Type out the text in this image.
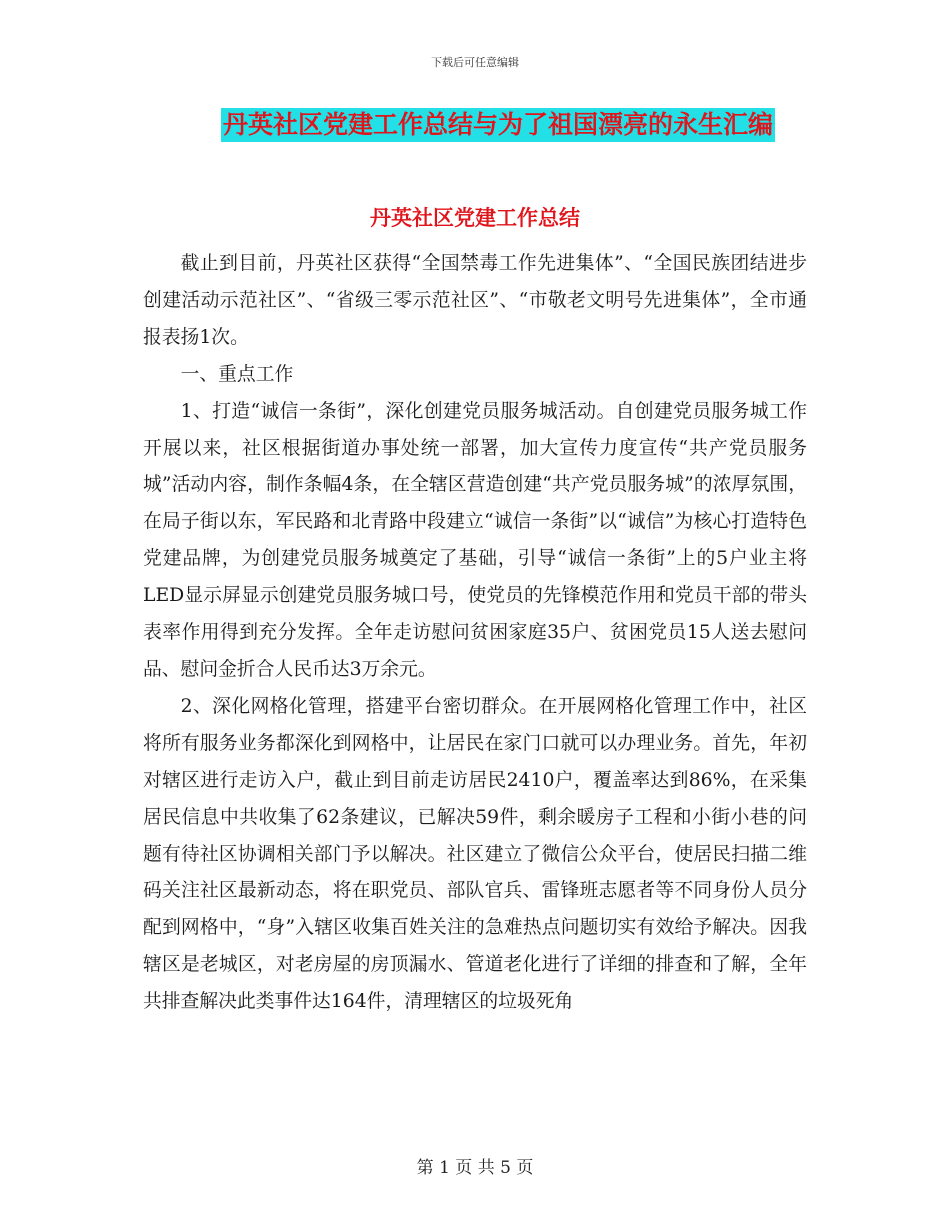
下载后可任意编辑
丹英社区党建工作总结与为了祖国漂亮的永生汇编
丹英社区党建工作总结

截止到目前，丹英社区获得“全国禁毒工作先进集体”、“全国民族团结进步创建活动示范社区”、“省级三零示范社区”、“市敬老文明号先进集体”，全市通报表扬1次。

一、重点工作

1、打造“诚信一条街”，深化创建党员服务城活动。自创建党员服务城工作开展以来，社区根据街道办事处统一部署，加大宣传力度宣传“共产党员服务城”活动内容，制作条幅4条，在全辖区营造创建“共产党员服务城”的浓厚氛围，在局子街以东，军民路和北青路中段建立“诚信一条街”以“诚信”为核心打造特色党建品牌，为创建党员服务城奠定了基础，引导“诚信一条街”上的5户业主将LED显示屏显示创建党员服务城口号，使党员的先锋模范作用和党员干部的带头表率作用得到充分发挥。全年走访慰问贫困家庭35户、贫困党员15人送去慰问品、慰问金折合人民币达3万余元。

2、深化网格化管理，搭建平台密切群众。在开展网格化管理工作中，社区将所有服务业务都深化到网格中，让居民在家门口就可以办理业务。首先，年初对辖区进行走访入户，截止到目前走访居民2410户，覆盖率达到86%，在采集居民信息中共收集了62条建议，已解决59件，剩余暖房子工程和小街小巷的问题有待社区协调相关部门予以解决。社区建立了微信公众平台，使居民扫描二维码关注社区最新动态，将在职党员、部队官兵、雷锋班志愿者等不同身份人员分配到网格中，“身”入辖区收集百姓关注的急难热点问题切实有效给予解决。因我辖区是老城区，对老房屋的房顶漏水、管道老化进行了详细的排查和了解，全年共排查解决此类事件达164件，清理辖区的垃圾死角

第 1 页 共 5 页
